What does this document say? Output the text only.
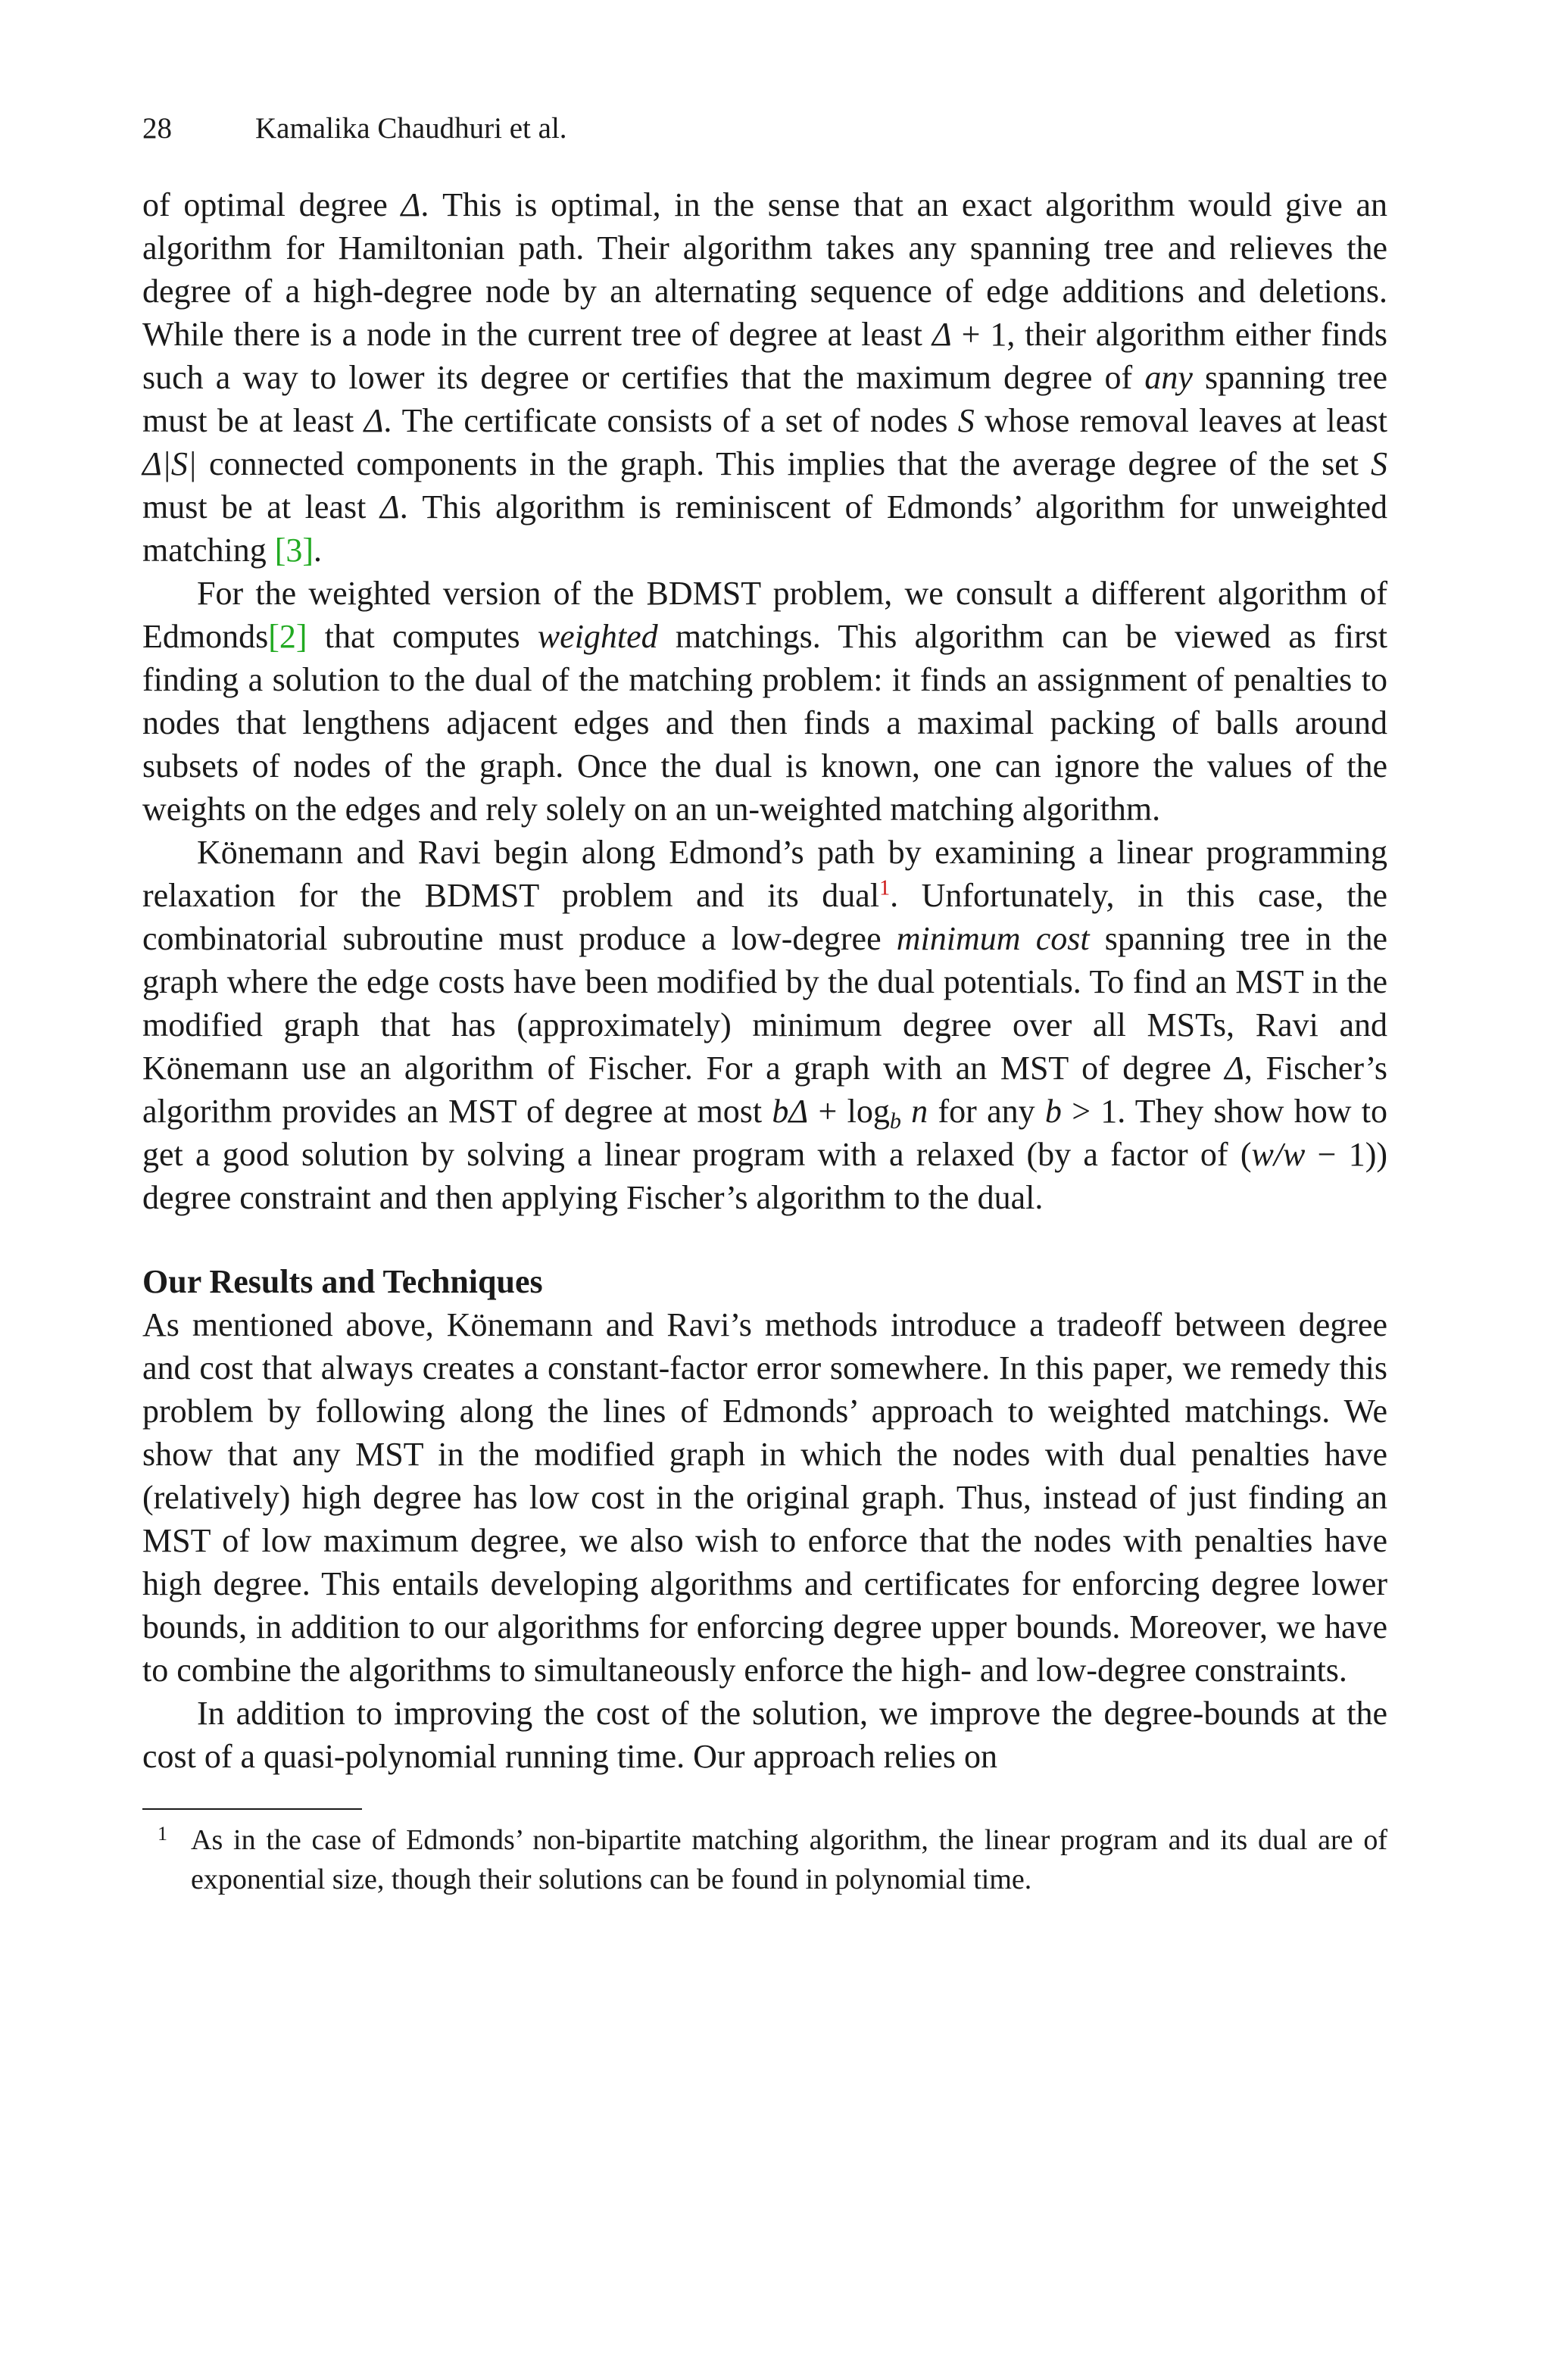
28	Kamalika Chaudhuri et al.

of optimal degree Δ. This is optimal, in the sense that an exact algorithm would give an algorithm for Hamiltonian path. Their algorithm takes any spanning tree and relieves the degree of a high-degree node by an alternating sequence of edge additions and deletions. While there is a node in the current tree of degree at least Δ + 1, their algorithm either finds such a way to lower its degree or certifies that the maximum degree of any spanning tree must be at least Δ. The certificate consists of a set of nodes S whose removal leaves at least Δ|S| connected components in the graph. This implies that the average degree of the set S must be at least Δ. This algorithm is reminiscent of Edmonds’ algorithm for unweighted matching [3].

For the weighted version of the BDMST problem, we consult a different algorithm of Edmonds[2] that computes weighted matchings. This algorithm can be viewed as first finding a solution to the dual of the matching problem: it finds an assignment of penalties to nodes that lengthens adjacent edges and then finds a maximal packing of balls around subsets of nodes of the graph. Once the dual is known, one can ignore the values of the weights on the edges and rely solely on an un-weighted matching algorithm.

Könemann and Ravi begin along Edmond’s path by examining a linear programming relaxation for the BDMST problem and its dual$^1$. Unfortunately, in this case, the combinatorial subroutine must produce a low-degree minimum cost spanning tree in the graph where the edge costs have been modified by the dual potentials. To find an MST in the modified graph that has (approximately) minimum degree over all MSTs, Ravi and Könemann use an algorithm of Fischer. For a graph with an MST of degree Δ, Fischer’s algorithm provides an MST of degree at most $b\Delta + \log_b n$ for any b > 1. They show how to get a good solution by solving a linear program with a relaxed (by a factor of (w/w − 1)) degree constraint and then applying Fischer’s algorithm to the dual.

Our Results and Techniques

As mentioned above, Könemann and Ravi’s methods introduce a tradeoff between degree and cost that always creates a constant-factor error somewhere. In this paper, we remedy this problem by following along the lines of Edmonds’ approach to weighted matchings. We show that any MST in the modified graph in which the nodes with dual penalties have (relatively) high degree has low cost in the original graph. Thus, instead of just finding an MST of low maximum degree, we also wish to enforce that the nodes with penalties have high degree. This entails developing algorithms and certificates for enforcing degree lower bounds, in addition to our algorithms for enforcing degree upper bounds. Moreover, we have to combine the algorithms to simultaneously enforce the high- and low-degree constraints.

In addition to improving the cost of the solution, we improve the degree-bounds at the cost of a quasi-polynomial running time. Our approach relies on

1 As in the case of Edmonds’ non-bipartite matching algorithm, the linear program and its dual are of exponential size, though their solutions can be found in polynomial time.
